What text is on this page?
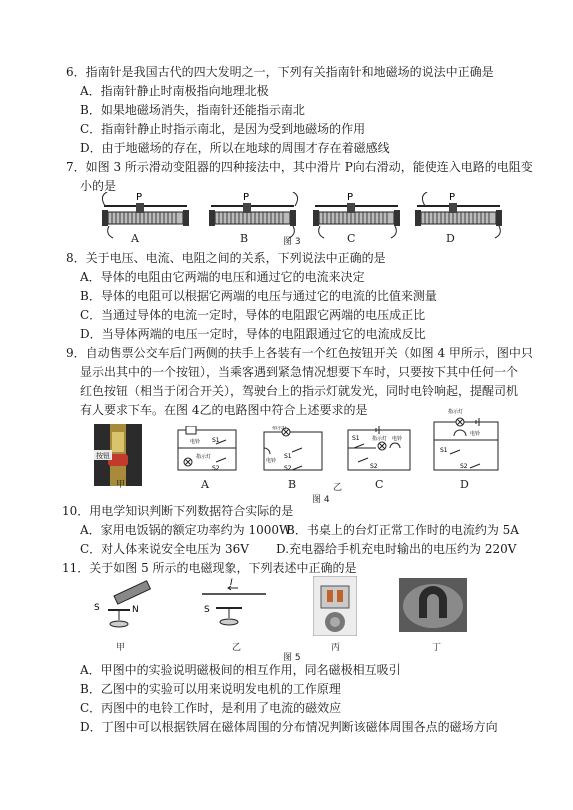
6．指南针是我国古代的四大发明之一，下列有关指南针和地磁场的说法中正确是
A．指南针静止时南极指向地理北极
B．如果地磁场消失，指南针还能指示南北
C．指南针静止时指示南北，是因为受到地磁场的作用
D．由于地磁场的存在，所以在地球的周围才存在着磁感线
7．如图 3 所示滑动变阻器的四种接法中，其中滑片 P向右滑动，能使连入电路的电阻变
小的是
P	P	P	P
A	B	图 3	C	D
8．关于电压、电流、电阻之间的关系，下列说法中正确的是
A．导体的电阻由它两端的电压和通过它的电流来决定
B．导体的电阻可以根据它两端的电压与通过它的电流的比值来测量
C．当通过导体的电流一定时，导体的电阻跟它两端的电压成正比
D．当导体两端的电压一定时，导体的电阻跟通过它的电流成反比
9．自动售票公交车后门两侧的扶手上各装有一个红色按钮开关（如图 4 甲所示，图中只
显示出其中的一个按钮），当乘客遇到紧急情况想要下车时，只要按下其中任何一个
红色按钮（相当于闭合开关），驾驶台上的指示灯就发光，同时电铃响起，提醒司机
有人要求下车。在图 4乙的电路图中符合上述要求的是
按钮
甲
电铃
指示灯
S1
S2
A
指示灯
电铃
S1
S2
B	乙
S1 指示灯 电铃
S2
C
指示灯
电铃
S1
S2
D
图 4
10．用电学知识判断下列数据符合实际的是
A．家用电饭锅的额定功率约为 1000W
B．书桌上的台灯正常工作时的电流约为 5A
C．对人体来说安全电压为 36V D.充电器给手机充电时输出的电压约为 220V
11．关于如图 5 所示的电磁现象，下列表述中正确的是
S	N
甲
I
S
乙	丙	丁
图 5
A．甲图中的实验说明磁极间的相互作用，同名磁极相互吸引
B．乙图中的实验可以用来说明发电机的工作原理
C．丙图中的电铃工作时，是利用了电流的磁效应
D．丁图中可以根据铁屑在磁体周围的分布情况判断该磁体周围各点的磁场方向
